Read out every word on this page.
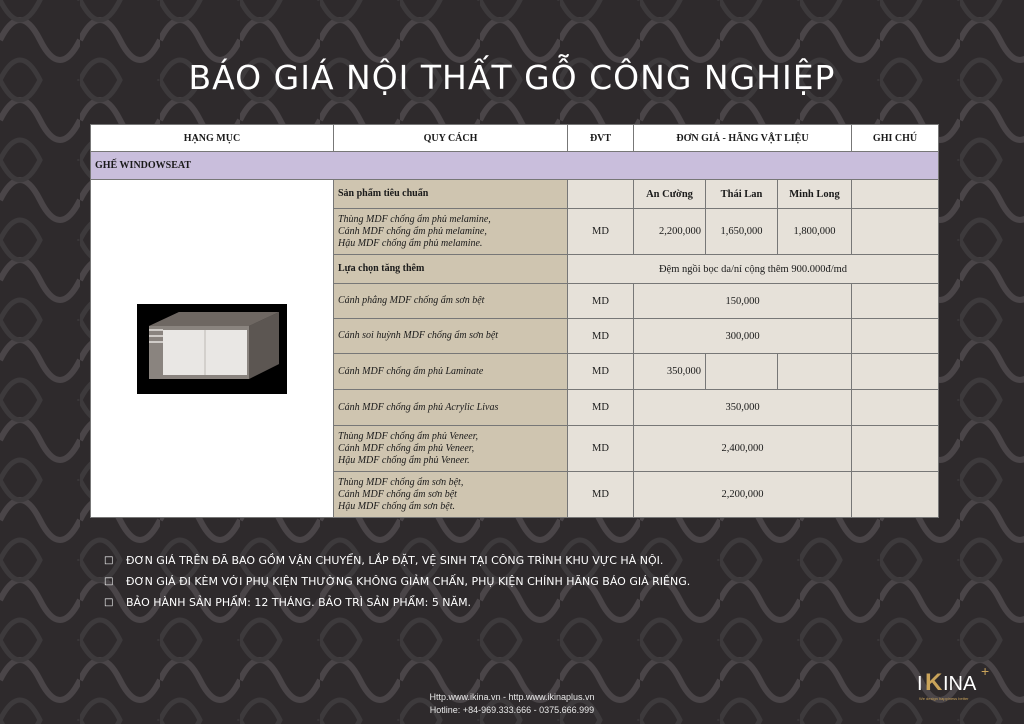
BÁO GIÁ NỘI THẤT GỖ CÔNG NGHIỆP
HẠNG MỤC	QUY CÁCH	ĐVT	ĐƠN GIÁ - HÃNG VẬT LIỆU			GHI CHÚ
GHẾ WINDOWSEAT						

	Sản phẩm tiêu chuẩn		An Cường	Thái Lan	Minh Long	
	Thùng MDF chống ẩm phủ melamine,
Cánh MDF chống ẩm phủ melamine,
Hậu MDF chống ẩm phủ melamine.	MD	2,200,000	1,650,000	1,800,000	
	Lựa chọn tăng thêm	Đệm ngồi bọc da/nỉ cộng thêm 900.000đ/md				
	Cánh phẳng MDF chống ẩm sơn bệt	MD	150,000			
	Cánh soi huỳnh MDF chống ẩm sơn bệt	MD	300,000			
	Cánh MDF chống ẩm phủ Laminate	MD	350,000			
	Cánh MDF chống ẩm phủ Acrylic Livas	MD	350,000			
	Thùng MDF chống ẩm phủ Veneer,
Cánh MDF chống ẩm phủ Veneer,
Hậu MDF chống ẩm phủ Veneer.	MD	2,400,000			
	Thùng MDF chống ẩm sơn bệt,
Cánh MDF chống ẩm sơn bệt
Hậu MDF chống ẩm sơn bệt.	MD	2,200,000			
□ ĐƠN GIÁ TRÊN ĐÃ BAO GỒM VẬN CHUYỂN, LẮP ĐẶT, VỆ SINH TẠI CÔNG TRÌNH KHU VỰC HÀ NỘI.
□ ĐƠN GIÁ ĐI KÈM VỚI PHỤ KIỆN THƯỜNG KHÔNG GIẢM CHẤN, PHỤ KIỆN CHÍNH HÃNG BÁO GIÁ RIÊNG.
□ BẢO HÀNH SẢN PHẨM: 12 THÁNG. BẢO TRÌ SẢN PHẨM: 5 NĂM.
I K INA
+
We design happiness better
Http.www.ikina.vn - http.www.ikinaplus.vn
Hotline: +84-969.333.666 - 0375.666.999
